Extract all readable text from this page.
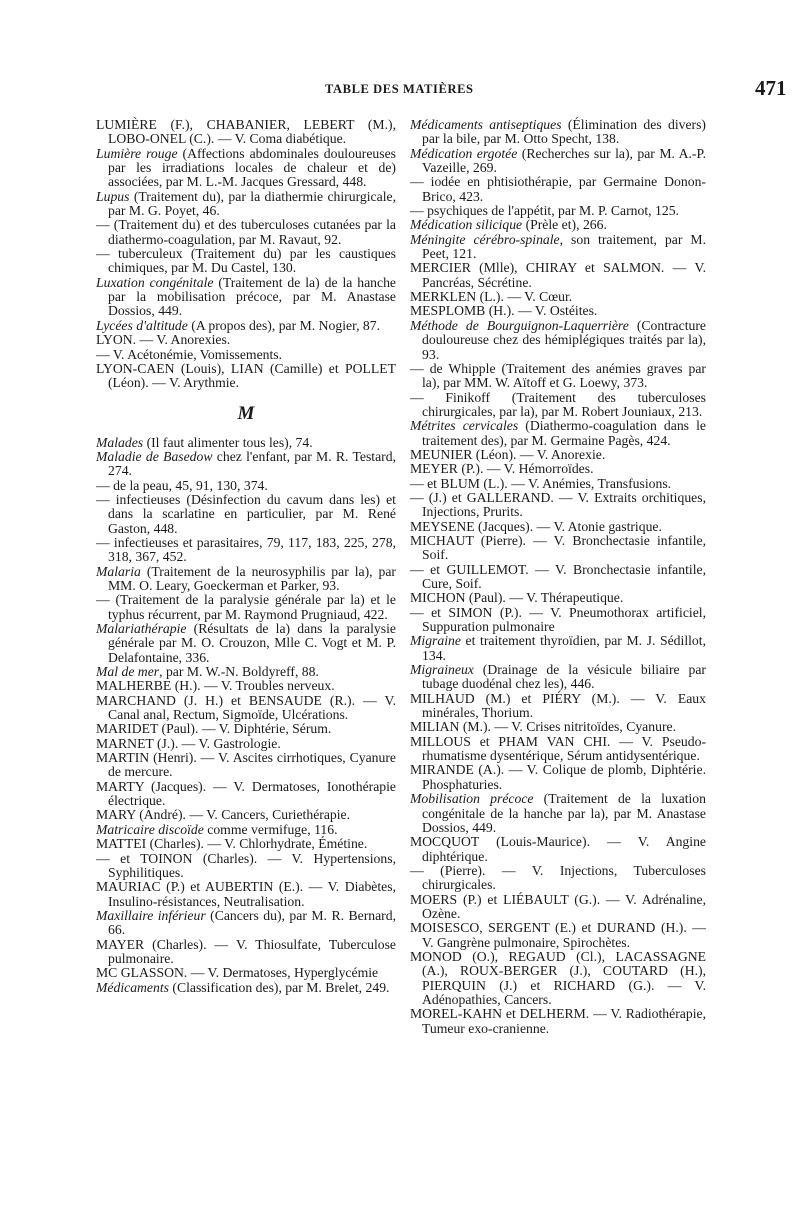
TABLE DES MATIÈRES	471
LUMIÈRE (F.), CHABANIER, LEBERT (M.), LOBO-ONEL (C.). — V. Coma diabétique.
Lumière rouge (Affections abdominales douloureuses par les irradiations locales de chaleur et de) associées, par M. L.-M. Jacques Gressard, 448.
Lupus (Traitement du), par la diathermie chirurgicale, par M. G. Poyet, 46.
— (Traitement du) et des tuberculoses cutanées par la diathermo-coagulation, par M. Ravaut, 92.
— tuberculeux (Traitement du) par les caustiques chimiques, par M. Du Castel, 130.
Luxation congénitale (Traitement de la) de la hanche par la mobilisation précoce, par M. Anastase Dossios, 449.
Lycées d'altitude (A propos des), par M. Nogier, 87.
LYON. — V. Anorexies.
— V. Acétonémie, Vomissements.
LYON-CAEN (Louis), LIAN (Camille) et POLLET (Léon). — V. Arythmie.
M
Malades (Il faut alimenter tous les), 74.
Maladie de Basedow chez l'enfant, par M. R. Testard, 274.
— de la peau, 45, 91, 130, 374.
— infectieuses (Désinfection du cavum dans les) et dans la scarlatine en particulier, par M. René Gaston, 448.
— infectieuses et parasitaires, 79, 117, 183, 225, 278, 318, 367, 452.
Malaria (Traitement de la neurosyphilis par la), par MM. O. Leary, Goeckerman et Parker, 93.
— (Traitement de la paralysie générale par la) et le typhus récurrent, par M. Raymond Prugniaud, 422.
Malariathérapie (Résultats de la) dans la paralysie générale par M. O. Crouzon, Mlle C. Vogt et M. P. Delafontaine, 336.
Mal de mer, par M. W.-N. Boldyreff, 88.
MALHERBE (H.). — V. Troubles nerveux.
MARCHAND (J. H.) et BENSAUDE (R.). — V. Canal anal, Rectum, Sigmoïde, Ulcérations.
MARIDET (Paul). — V. Diphtérie, Sérum.
MARNET (J.). — V. Gastrologie.
MARTIN (Henri). — V. Ascites cirrhotiques, Cyanure de mercure.
MARTY (Jacques). — V. Dermatoses, Ionothérapie électrique.
MARY (André). — V. Cancers, Curiethérapie.
Matricaire discoïde comme vermifuge, 116.
MATTEI (Charles). — V. Chlorhydrate, Émétine.
— et TOINON (Charles). — V. Hypertensions, Syphilitiques.
MAURIAC (P.) et AUBERTIN (E.). — V. Diabètes, Insulino-résistances, Neutralisation.
Maxillaire inférieur (Cancers du), par M. R. Bernard, 66.
MAYER (Charles). — V. Thiosulfate, Tuberculose pulmonaire.
MC GLASSON. — V. Dermatoses, Hyperglycémie
Médicaments (Classification des), par M. Brelet, 249.
Médicaments antiseptiques (Élimination des divers) par la bile, par M. Otto Specht, 138.
Médication ergotée (Recherches sur la), par M. A.-P. Vazeille, 269.
— iodée en phtisiothérapie, par Germaine Donon-Brico, 423.
— psychiques de l'appétit, par M. P. Carnot, 125.
Médication silicique (Prèle et), 266.
Méningite cérébro-spinale, son traitement, par M. Peet, 121.
MERCIER (Mlle), CHIRAY et SALMON. — V. Pancréas, Sécrétine.
MERKLEN (L.). — V. Cœur.
MESPLOMB (H.). — V. Ostéites.
Méthode de Bourguignon-Laquerrière (Contracture douloureuse chez des hémiplégiques traités par la), 93.
— de Whipple (Traitement des anémies graves par la), par MM. W. Aïtoff et G. Loewy, 373.
— Finikoff (Traitement des tuberculoses chirurgicales, par la), par M. Robert Jouniaux, 213.
Métrites cervicales (Diathermo-coagulation dans le traitement des), par M. Germaine Pagès, 424.
MEUNIER (Léon). — V. Anorexie.
MEYER (P.). — V. Hémorroïdes.
— et BLUM (L.). — V. Anémies, Transfusions.
— (J.) et GALLERAND. — V. Extraits orchitiques, Injections, Prurits.
MEYSENE (Jacques). — V. Atonie gastrique.
MICHAUT (Pierre). — V. Bronchectasie infantile, Soif.
— et GUILLEMOT. — V. Bronchectasie infantile, Cure, Soif.
MICHON (Paul). — V. Thérapeutique.
— et SIMON (P.). — V. Pneumothorax artificiel, Suppuration pulmonaire
Migraine et traitement thyroïdien, par M. J. Sédillot, 134.
Migraineux (Drainage de la vésicule biliaire par tubage duodénal chez les), 446.
MILHAUD (M.) et PIÉRY (M.). — V. Eaux minérales, Thorium.
MILIAN (M.). — V. Crises nitritoïdes, Cyanure.
MILLOUS et PHAM VAN CHI. — V. Pseudo-rhumatisme dysentérique, Sérum antidysentérique.
MIRANDE (A.). — V. Colique de plomb, Diphtérie. Phosphaturies.
Mobilisation précoce (Traitement de la luxation congénitale de la hanche par la), par M. Anastase Dossios, 449.
MOCQUOT (Louis-Maurice). — V. Angine diphtérique.
— (Pierre). — V. Injections, Tuberculoses chirurgicales.
MOERS (P.) et LIÉBAULT (G.). — V. Adrénaline, Ozène.
MOISESCO, SERGENT (E.) et DURAND (H.). — V. Gangrène pulmonaire, Spirochètes.
MONOD (O.), REGAUD (Cl.), LACASSAGNE (A.), ROUX-BERGER (J.), COUTARD (H.), PIERQUIN (J.) et RICHARD (G.). — V. Adénopathies, Cancers.
MOREL-KAHN et DELHERM. — V. Radiothérapie, Tumeur exo-cranienne.
